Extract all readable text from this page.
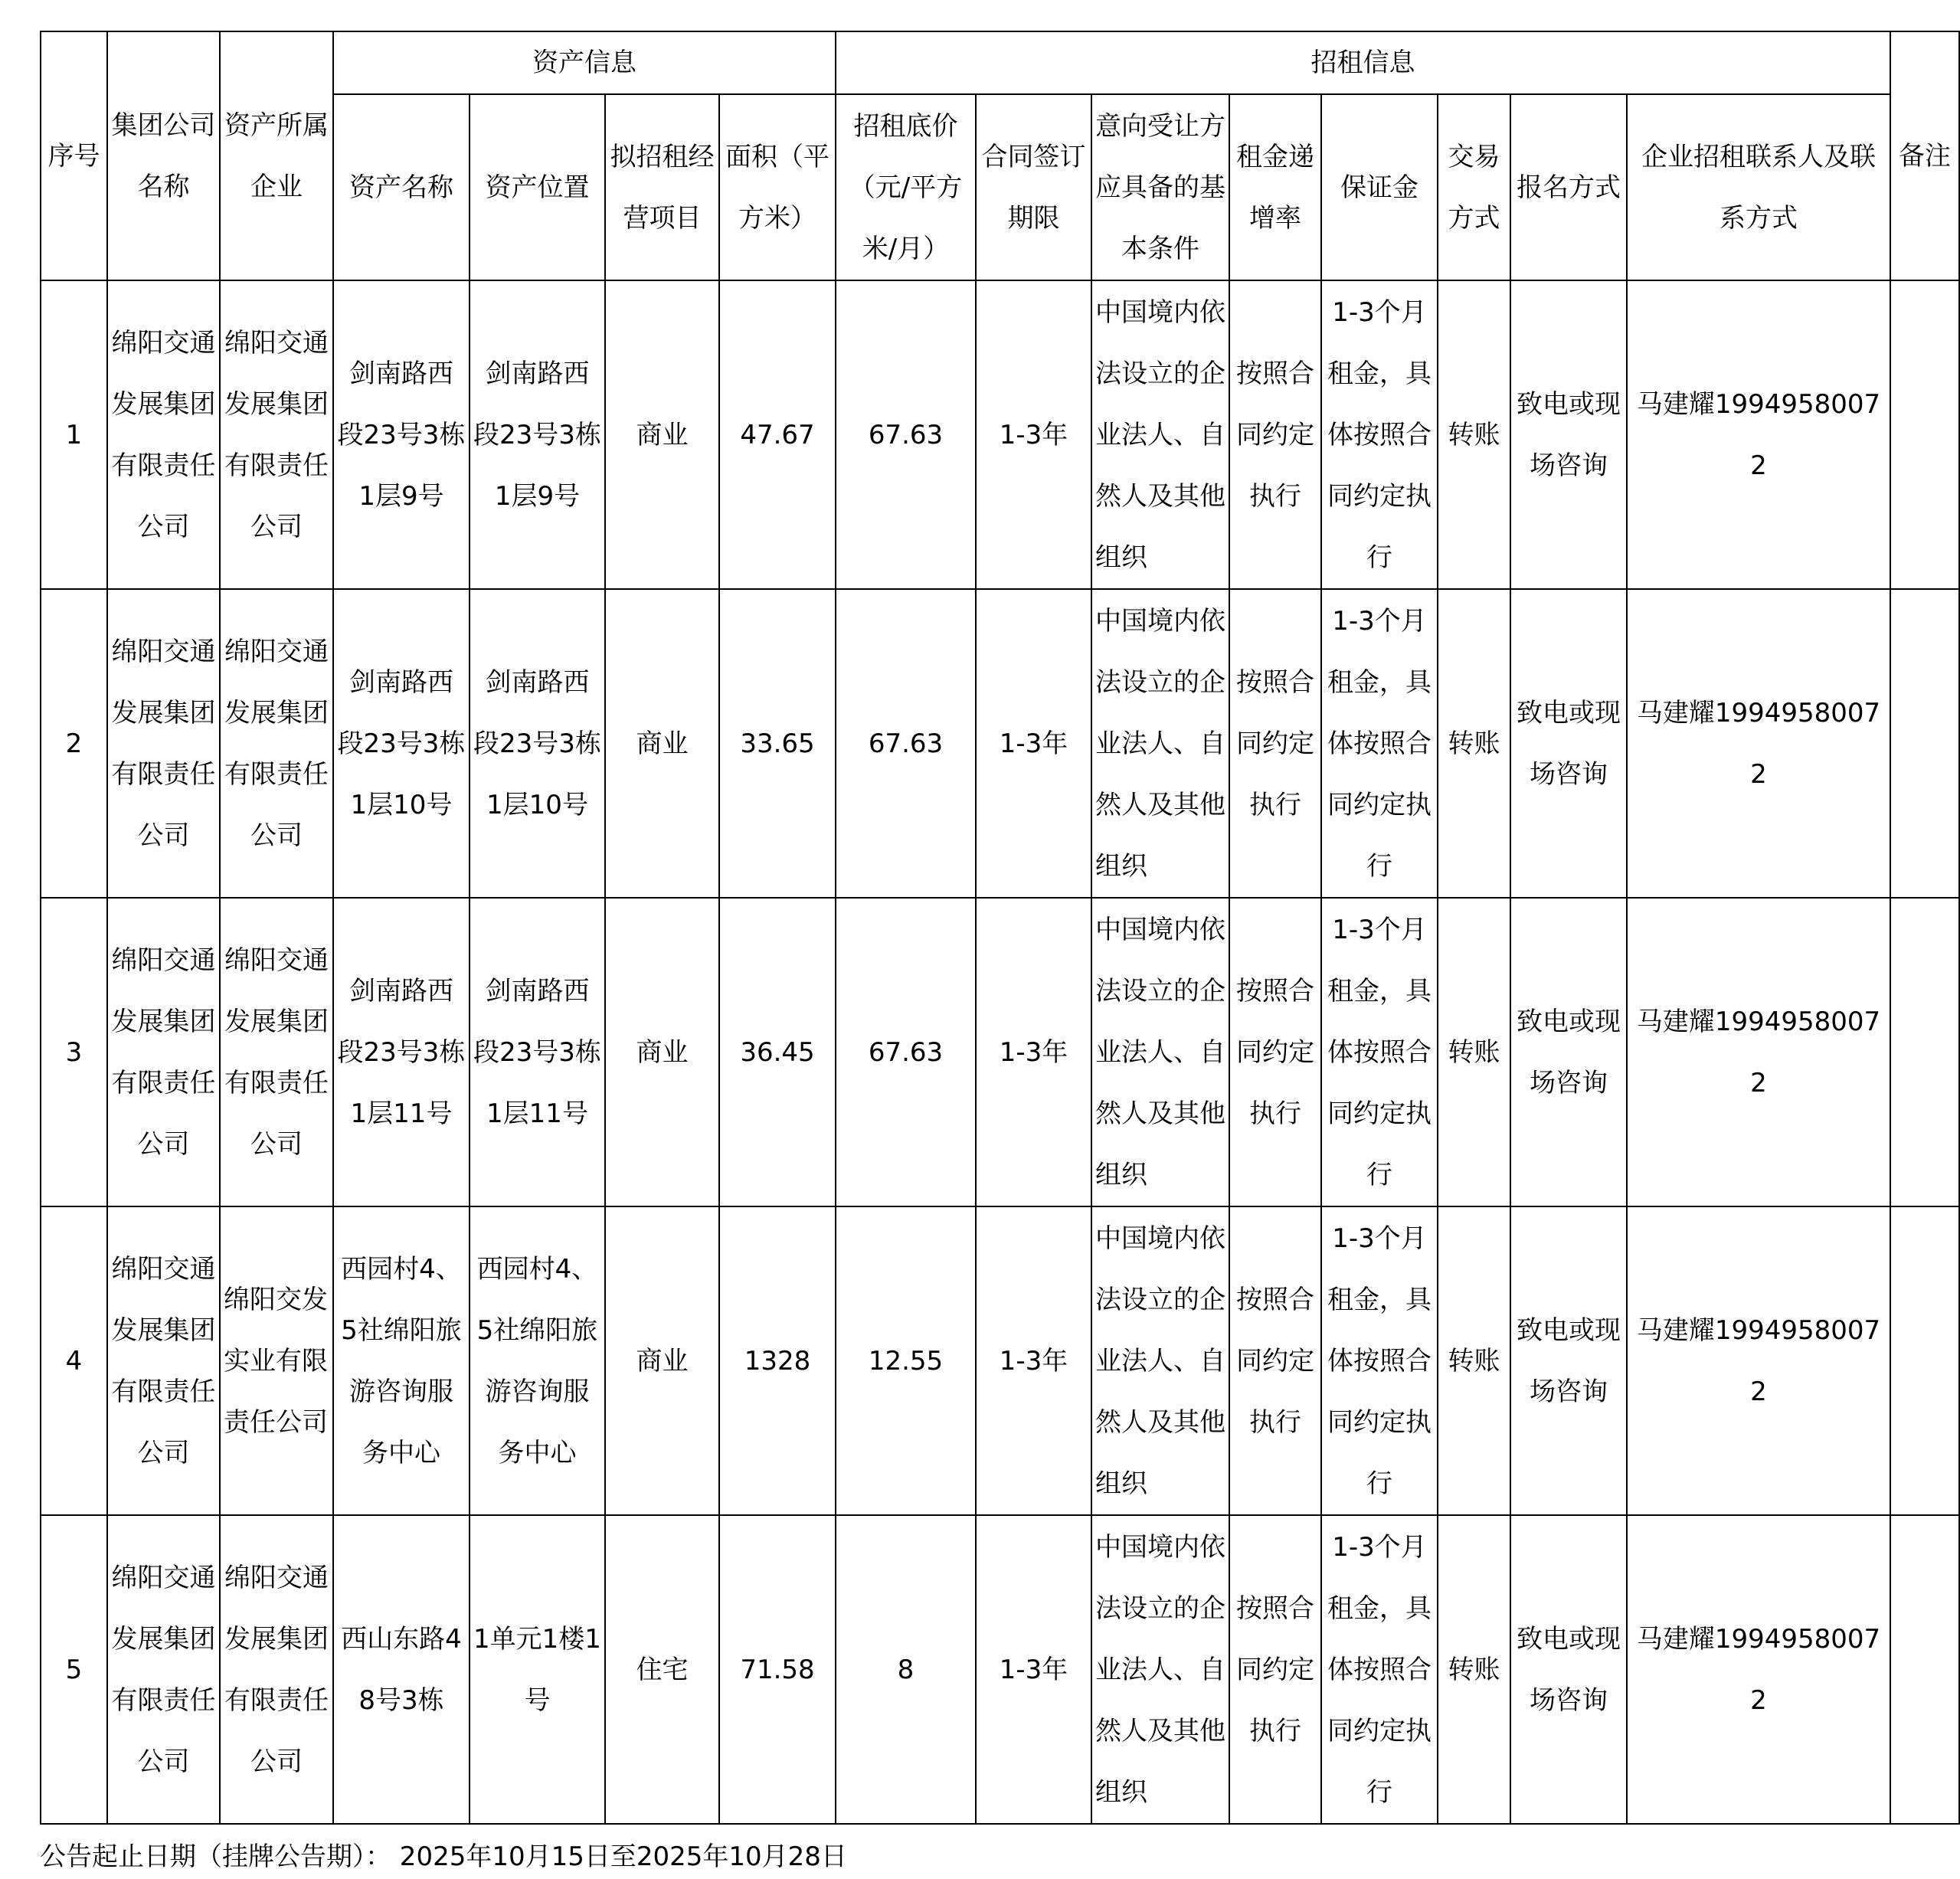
序号	集团公司名称	资产所属企业	资产信息				招租信息								备注
			资产名称	资产位置	拟招租经营项目	面积（平方米）	招租底价（元/平方米/月）	合同签订期限	意向受让方应具备的基本条件	租金递增率	保证金	交易方式	报名方式	企业招租联系人及联系方式	
1	绵阳交通发展集团有限责任公司	绵阳交通发展集团有限责任公司	剑南路西段23号3栋1层9号	剑南路西段23号3栋1层9号	商业	47.67	67.63	1-3年	中国境内依法设立的企业法人、自然人及其他组织	按照合同约定执行	1-3个月租金，具体按照合同约定执行	转账	致电或现场咨询	马建耀19949580072	
2	绵阳交通发展集团有限责任公司	绵阳交通发展集团有限责任公司	剑南路西段23号3栋1层10号	剑南路西段23号3栋1层10号	商业	33.65	67.63	1-3年	中国境内依法设立的企业法人、自然人及其他组织	按照合同约定执行	1-3个月租金，具体按照合同约定执行	转账	致电或现场咨询	马建耀19949580072	
3	绵阳交通发展集团有限责任公司	绵阳交通发展集团有限责任公司	剑南路西段23号3栋1层11号	剑南路西段23号3栋1层11号	商业	36.45	67.63	1-3年	中国境内依法设立的企业法人、自然人及其他组织	按照合同约定执行	1-3个月租金，具体按照合同约定执行	转账	致电或现场咨询	马建耀19949580072	
4	绵阳交通发展集团有限责任公司	绵阳交发实业有限责任公司	西园村4、5社绵阳旅游咨询服务中心	西园村4、5社绵阳旅游咨询服务中心	商业	1328	12.55	1-3年	中国境内依法设立的企业法人、自然人及其他组织	按照合同约定执行	1-3个月租金，具体按照合同约定执行	转账	致电或现场咨询	马建耀19949580072	
5	绵阳交通发展集团有限责任公司	绵阳交通发展集团有限责任公司	西山东路48号3栋	1单元1楼1号	住宅	71.58	8	1-3年	中国境内依法设立的企业法人、自然人及其他组织	按照合同约定执行	1-3个月租金，具体按照合同约定执行	转账	致电或现场咨询	马建耀19949580072	
公告起止日期（挂牌公告期）： 2025年10月15日至2025年10月28日
